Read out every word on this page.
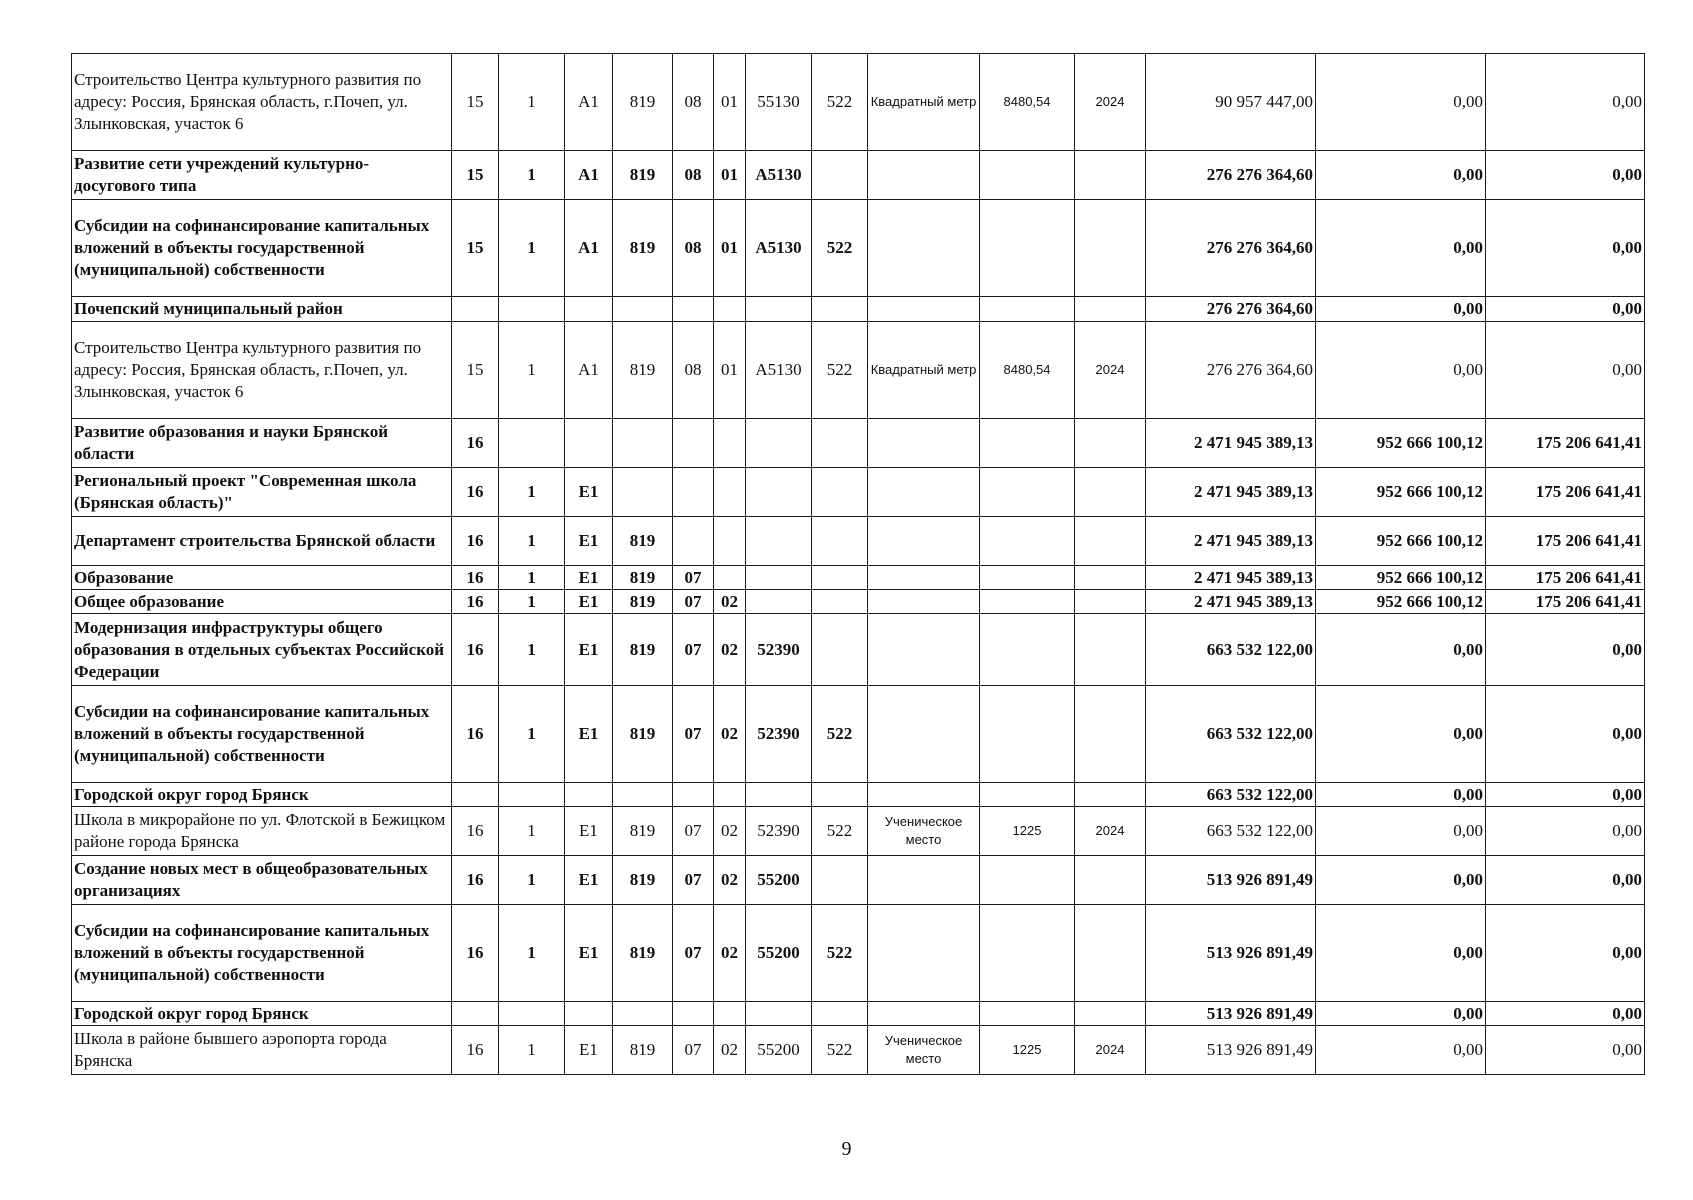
Строительство Центра культурного развития по адресу: Россия, Брянская область, г.Почеп, ул. Злынковская, участок 6	15	1	A1	819	08	01	55130	522	Квадратный метр	8480,54	2024	90 957 447,00	0,00	0,00
Развитие сети учреждений культурно-досугового типа	15	1	A1	819	08	01	A5130					276 276 364,60	0,00	0,00
Субсидии на софинансирование капитальных вложений в объекты государственной (муниципальной) собственности	15	1	A1	819	08	01	A5130	522				276 276 364,60	0,00	0,00
Почепский муниципальный район												276 276 364,60	0,00	0,00
Строительство Центра культурного развития по адресу: Россия, Брянская область, г.Почеп, ул. Злынковская, участок 6	15	1	A1	819	08	01	A5130	522	Квадратный метр	8480,54	2024	276 276 364,60	0,00	0,00
Развитие образования и науки Брянской области	16											2 471 945 389,13	952 666 100,12	175 206 641,41
Региональный проект "Современная школа (Брянская область)"	16	1	E1									2 471 945 389,13	952 666 100,12	175 206 641,41
Департамент строительства Брянской области	16	1	E1	819								2 471 945 389,13	952 666 100,12	175 206 641,41
Образование	16	1	E1	819	07							2 471 945 389,13	952 666 100,12	175 206 641,41
Общее образование	16	1	E1	819	07	02						2 471 945 389,13	952 666 100,12	175 206 641,41
Модернизация инфраструктуры общего образования в отдельных субъектах Российской Федерации	16	1	E1	819	07	02	52390					663 532 122,00	0,00	0,00
Субсидии на софинансирование капитальных вложений в объекты государственной (муниципальной) собственности	16	1	E1	819	07	02	52390	522				663 532 122,00	0,00	0,00
Городской округ город Брянск												663 532 122,00	0,00	0,00
Школа в микрорайоне по ул. Флотской в Бежицком районе города Брянска	16	1	E1	819	07	02	52390	522	Ученическое место	1225	2024	663 532 122,00	0,00	0,00
Создание новых мест в общеобразовательных организациях	16	1	E1	819	07	02	55200					513 926 891,49	0,00	0,00
Субсидии на софинансирование капитальных вложений в объекты государственной (муниципальной) собственности	16	1	E1	819	07	02	55200	522				513 926 891,49	0,00	0,00
Городской округ город Брянск												513 926 891,49	0,00	0,00
Школа в районе бывшего аэропорта города Брянска	16	1	E1	819	07	02	55200	522	Ученическое место	1225	2024	513 926 891,49	0,00	0,00
9
